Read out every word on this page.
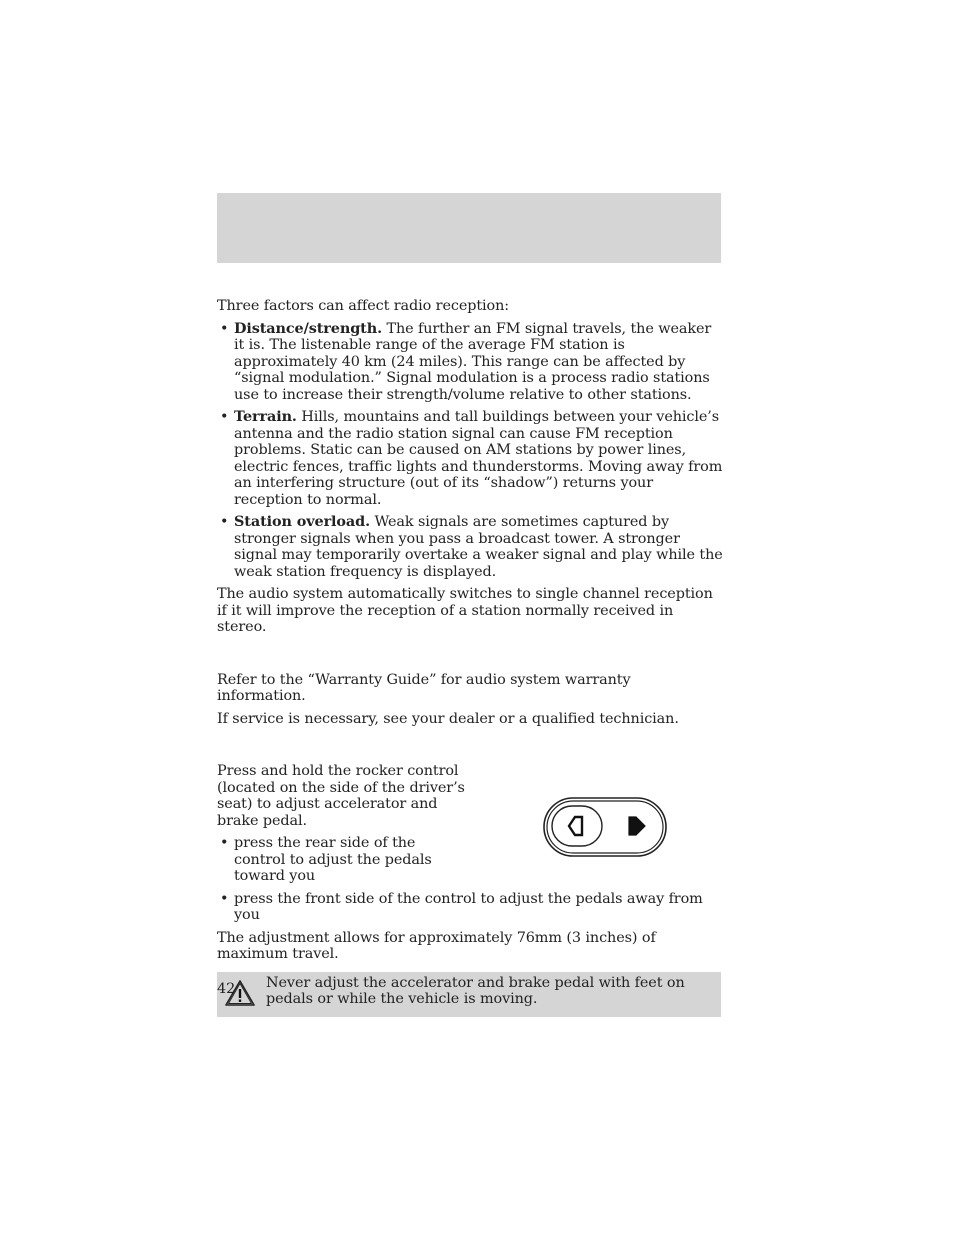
Three factors can affect radio reception:

• Distance/strength. The further an FM signal travels, the weaker it is. The listenable range of the average FM station is approximately 40 km (24 miles). This range can be affected by “signal modulation.” Signal modulation is a process radio stations use to increase their strength/volume relative to other stations.
• Terrain. Hills, mountains and tall buildings between your vehicle’s antenna and the radio station signal can cause FM reception problems. Static can be caused on AM stations by power lines, electric fences, traffic lights and thunderstorms. Moving away from an interfering structure (out of its “shadow”) returns your reception to normal.
• Station overload. Weak signals are sometimes captured by stronger signals when you pass a broadcast tower. A stronger signal may temporarily overtake a weaker signal and play while the weak station frequency is displayed.

The audio system automatically switches to single channel reception if it will improve the reception of a station normally received in stereo.

Refer to the “Warranty Guide” for audio system warranty information.

If service is necessary, see your dealer or a qualified technician.

Press and hold the rocker control (located on the side of the driver’s seat) to adjust accelerator and brake pedal.

• press the rear side of the control to adjust the pedals toward you
• press the front side of the control to adjust the pedals away from you

The adjustment allows for approximately 76mm (3 inches) of maximum travel.

Never adjust the accelerator and brake pedal with feet on pedals or while the vehicle is moving.

42
